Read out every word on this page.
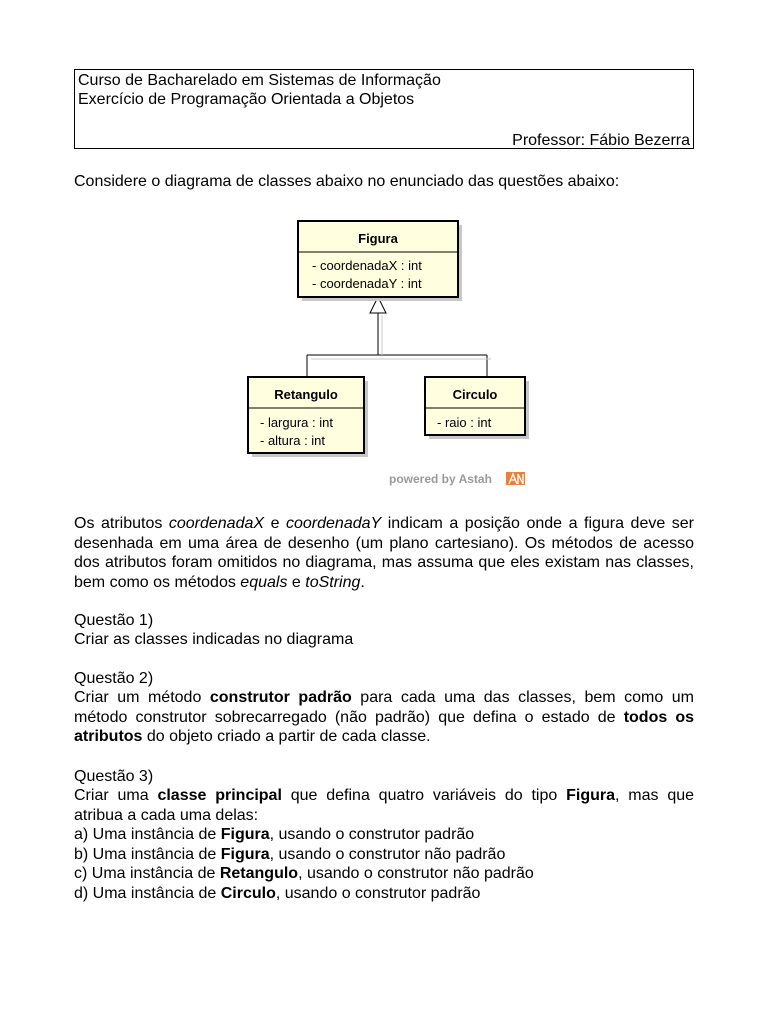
Curso de Bacharelado em Sistemas de Informação
Exercício de Programação Orientada a Objetos
Professor: Fábio Bezerra
Considere o diagrama de classes abaixo no enunciado das questões abaixo:
Figura
- coordenadaX : int
- coordenadaY : int
Retangulo
- largura : int
- altura : int
Circulo
- raio : int
powered by Astah
Os atributos coordenadaX e coordenadaY indicam a posição onde a figura deve ser desenhada em uma área de desenho (um plano cartesiano). Os métodos de acesso dos atributos foram omitidos no diagrama, mas assuma que eles existam nas classes, bem como os métodos equals e toString.
Questão 1)
Criar as classes indicadas no diagrama
Questão 2)
Criar um método construtor padrão para cada uma das classes, bem como um método construtor sobrecarregado (não padrão) que defina o estado de todos os atributos do objeto criado a partir de cada classe.
Questão 3)
Criar uma classe principal que defina quatro variáveis do tipo Figura, mas que atribua a cada uma delas:
a) Uma instância de Figura, usando o construtor padrão
b) Uma instância de Figura, usando o construtor não padrão
c) Uma instância de Retangulo, usando o construtor não padrão
d) Uma instância de Circulo, usando o construtor padrão
